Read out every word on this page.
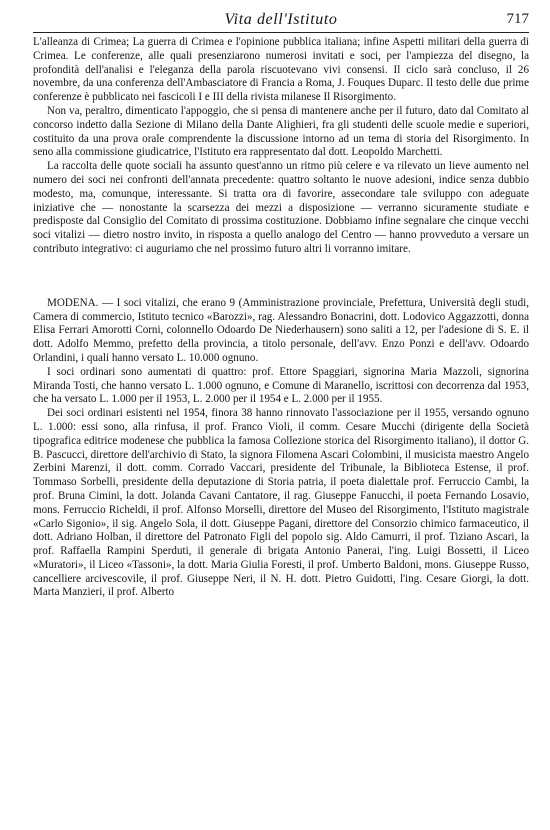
Vita dell'Istituto	717

L'alleanza di Crimea; La guerra di Crimea e l'opinione pubblica italiana; infine Aspetti militari della guerra di Crimea. Le conferenze, alle quali presenziarono numerosi invitati e soci, per l'ampiezza del disegno, la profondità dell'analisi e l'eleganza della parola riscuotevano vivi consensi. Il ciclo sarà concluso, il 26 novembre, da una conferenza dell'Ambasciatore di Francia a Roma, J. Fouques Duparc. Il testo delle due prime conferenze è pubblicato nei fascicoli I e III della rivista milanese Il Risorgimento.

Non va, peraltro, dimenticato l'appoggio, che si pensa di mantenere anche per il futuro, dato dal Comitato al concorso indetto dalla Sezione di Milano della Dante Alighieri, fra gli studenti delle scuole medie e superiori, costituito da una prova orale comprendente la discussione intorno ad un tema di storia del Risorgimento. In seno alla commissione giudicatrice, l'Istituto era rappresentato dal dott. Leopoldo Marchetti.

La raccolta delle quote sociali ha assunto quest'anno un ritmo più celere e va rilevato un lieve aumento nel numero dei soci nei confronti dell'annata precedente: quattro soltanto le nuove adesioni, indice senza dubbio modesto, ma, comunque, interessante. Si tratta ora di favorire, assecondare tale sviluppo con adeguate iniziative che — nonostante la scarsezza dei mezzi a disposizione — verranno sicuramente studiate e predisposte dal Consiglio del Comitato di prossima costituzione. Dobbiamo infine segnalare che cinque vecchi soci vitalizi — dietro nostro invito, in risposta a quello analogo del Centro — hanno provveduto a versare un contributo integrativo: ci auguriamo che nel prossimo futuro altri li vorranno imitare.

MODENA. — I soci vitalizi, che erano 9 (Amministrazione provinciale, Prefettura, Università degli studi, Camera di commercio, Istituto tecnico «Barozzi», rag. Alessandro Bonacrini, dott. Lodovico Aggazzotti, donna Elisa Ferrari Amorotti Corni, colonnello Odoardo De Niederhausern) sono saliti a 12, per l'adesione di S. E. il dott. Adolfo Memmo, prefetto della provincia, a titolo personale, dell'avv. Enzo Ponzi e dell'avv. Odoardo Orlandini, i quali hanno versato L. 10.000 ognuno.

I soci ordinari sono aumentati di quattro: prof. Ettore Spaggiari, signorina Maria Mazzoli, signorina Miranda Tosti, che hanno versato L. 1.000 ognuno, e Comune di Maranello, iscrittosi con decorrenza dal 1953, che ha versato L. 1.000 per il 1953, L. 2.000 per il 1954 e L. 2.000 per il 1955.

Dei soci ordinari esistenti nel 1954, finora 38 hanno rinnovato l'associazione per il 1955, versando ognuno L. 1.000: essi sono, alla rinfusa, il prof. Franco Violi, il comm. Cesare Mucchi (dirigente della Società tipografica editrice modenese che pubblica la famosa Collezione storica del Risorgimento italiano), il dottor G. B. Pascucci, direttore dell'archivio di Stato, la signora Filomena Ascari Colombini, il musicista maestro Angelo Zerbini Marenzi, il dott. comm. Corrado Vaccari, presidente del Tribunale, la Biblioteca Estense, il prof. Tommaso Sorbelli, presidente della deputazione di Storia patria, il poeta dialettale prof. Ferruccio Cambi, la prof. Bruna Cimini, la dott. Jolanda Cavani Cantatore, il rag. Giuseppe Fanucchi, il poeta Fernando Losavio, mons. Ferruccio Richeldi, il prof. Alfonso Morselli, direttore del Museo del Risorgimento, l'Istituto magistrale «Carlo Sigonio», il sig. Angelo Sola, il dott. Giuseppe Pagani, direttore del Consorzio chimico farmaceutico, il dott. Adriano Holban, il direttore del Patronato Figli del popolo sig. Aldo Camurri, il prof. Tiziano Ascari, la prof. Raffaella Rampini Sperduti, il generale di brigata Antonio Panerai, l'ing. Luigi Bossetti, il Liceo «Muratori», il Liceo «Tassoni», la dott. Maria Giulia Foresti, il prof. Umberto Baldoni, mons. Giuseppe Russo, cancelliere arcivescovile, il prof. Giuseppe Neri, il N. H. dott. Pietro Guidotti, l'ing. Cesare Giorgi, la dott. Marta Manzieri, il prof. Alberto
